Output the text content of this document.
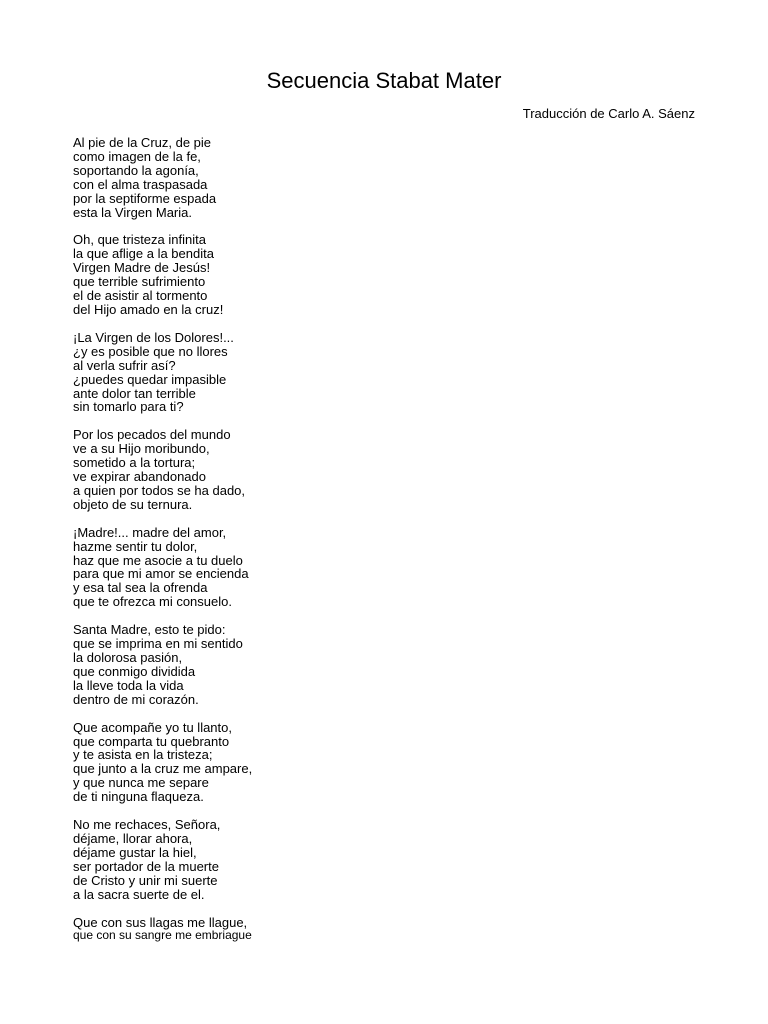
Secuencia Stabat Mater

Traducción de Carlo A. Sáenz

Al pie de la Cruz, de pie
como imagen de la fe,
soportando la agonía,
con el alma traspasada
por la septiforme espada
esta la Virgen Maria.
Oh, que tristeza infinita
la que aflige a la bendita
Virgen Madre de Jesús!
que terrible sufrimiento
el de asistir al tormento
del Hijo amado en la cruz!
¡La Virgen de los Dolores!...
¿y es posible que no llores
al verla sufrir así?
¿puedes quedar impasible
ante dolor tan terrible
sin tomarlo para ti?
Por los pecados del mundo
ve a su Hijo moribundo,
sometido a la tortura;
ve expirar abandonado
a quien por todos se ha dado,
objeto de su ternura.
¡Madre!... madre del amor,
hazme sentir tu dolor,
haz que me asocie a tu duelo
para que mi amor se encienda
y esa tal sea la ofrenda
que te ofrezca mi consuelo.
Santa Madre, esto te pido:
que se imprima en mi sentido
la dolorosa pasión,
que conmigo dividida
la lleve toda la vida
dentro de mi corazón.
Que acompañe yo tu llanto,
que comparta tu quebranto
y te asista en la tristeza;
que junto a la cruz me ampare,
y que nunca me separe
de ti ninguna flaqueza.
No me rechaces, Señora,
déjame, llorar ahora,
déjame gustar la hiel,
ser portador de la muerte
de Cristo y unir mi suerte
a la sacra suerte de el.
Que con sus llagas me llague,
que con su sangre me embriague
